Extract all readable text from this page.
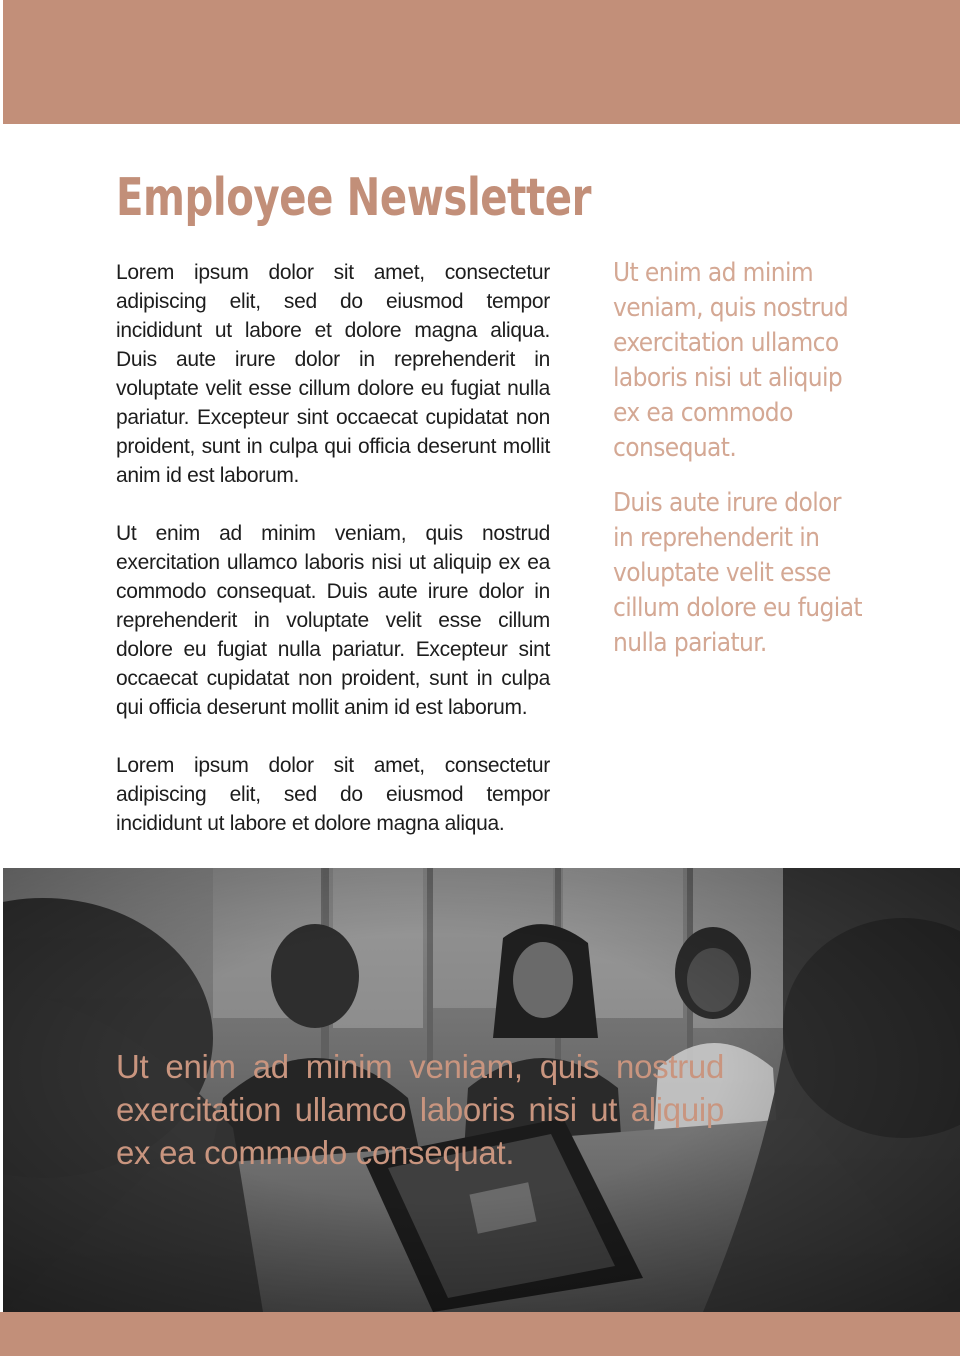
Employee Newsletter

Lorem ipsum dolor sit amet, consectetur adipiscing elit, sed do eiusmod tempor incididunt ut labore et dolore magna aliqua. Duis aute irure dolor in reprehenderit in voluptate velit esse cillum dolore eu fugiat nulla pariatur. Excepteur sint occaecat cupidatat non proident, sunt in culpa qui officia deserunt mollit anim id est laborum.

Ut enim ad minim veniam, quis nostrud exercitation ullamco laboris nisi ut aliquip ex ea commodo consequat. Duis aute irure dolor in reprehenderit in voluptate velit esse cillum dolore eu fugiat nulla pariatur. Excepteur sint occaecat cupidatat non proident, sunt in culpa qui officia deserunt mollit anim id est laborum.

Lorem ipsum dolor sit amet, consectetur adipiscing elit, sed do eiusmod tempor incididunt ut labore et dolore magna aliqua.

Ut enim ad minim veniam, quis nostrud exercitation ullamco laboris nisi ut aliquip ex ea commodo consequat.

Duis aute irure dolor in reprehenderit in voluptate velit esse cillum dolore eu fugiat nulla pariatur.

Ut enim ad minim veniam, quis nostrud exercitation ullamco laboris nisi ut aliquip ex ea commodo consequat.
